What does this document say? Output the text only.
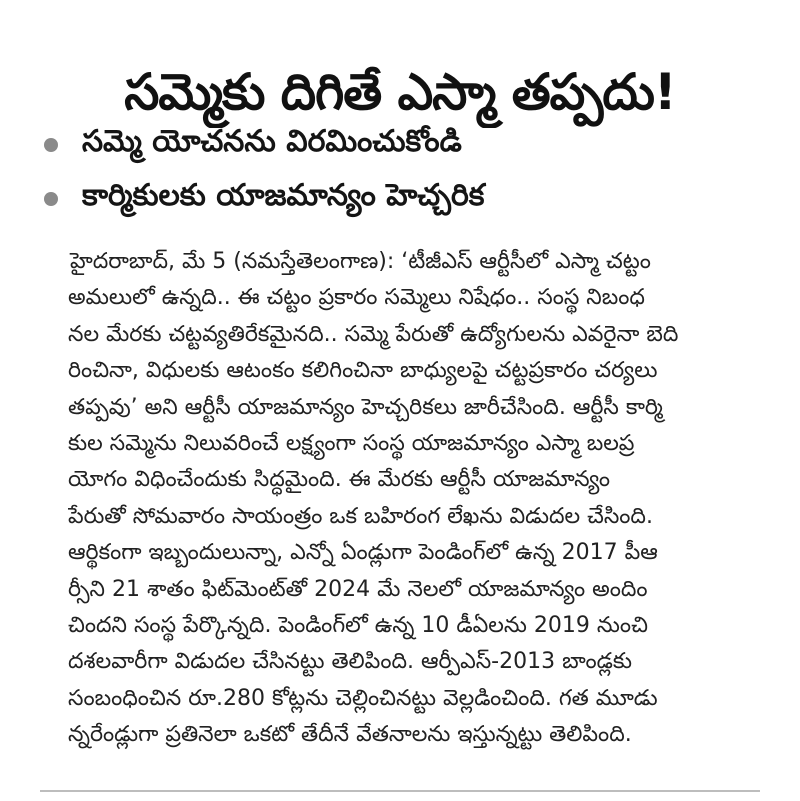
సమ్మెకు దిగితే ఎస్మా తప్పదు!
సమ్మె యోచనను విరమించుకోండి
కార్మికులకు యాజమాన్యం హెచ్చరిక
హైదరాబాద్, మే 5 (నమస్తేతెలంగాణ): ‘టీజీఎస్ ఆర్టీసీలో ఎస్మా చట్టం
అమలులో ఉన్నది.. ఈ చట్టం ప్రకారం సమ్మెలు నిషేధం.. సంస్థ నిబంధ
నల మేరకు చట్టవ్యతిరేకమైనది.. సమ్మె పేరుతో ఉద్యోగులను ఎవరైనా బెది
రించినా, విధులకు ఆటంకం కలిగించినా బాధ్యులపై చట్టప్రకారం చర్యలు
తప్పవు’ అని ఆర్టీసీ యాజమాన్యం హెచ్చరికలు జారీచేసింది. ఆర్టీసీ కార్మి
కుల సమ్మెను నిలువరించే లక్ష్యంగా సంస్థ యాజమాన్యం ఎస్మా బలప్ర
యోగం విధించేందుకు సిద్ధమైంది. ఈ మేరకు ఆర్టీసీ యాజమాన్యం
పేరుతో సోమవారం సాయంత్రం ఒక బహిరంగ లేఖను విడుదల చేసింది.
ఆర్థికంగా ఇబ్బందులున్నా, ఎన్నో ఏండ్లుగా పెండింగ్‌లో ఉన్న 2017 పీఆ
ర్సీని 21 శాతం ఫిట్‌మెంట్‌తో 2024 మే నెలలో యాజమాన్యం అందిం
చిందని సంస్థ పేర్కొన్నది. పెండింగ్‌లో ఉన్న 10 డీఏలను 2019 నుంచి
దశలవారీగా విడుదల చేసినట్టు తెలిపింది. ఆర్పీఎస్-2013 బాండ్లకు
సంబంధించిన రూ.280 కోట్లను చెల్లించినట్టు వెల్లడించింది. గత మూడు
న్నరేండ్లుగా ప్రతినెలా ఒకటో తేదీనే వేతనాలను ఇస్తున్నట్టు తెలిపింది.
